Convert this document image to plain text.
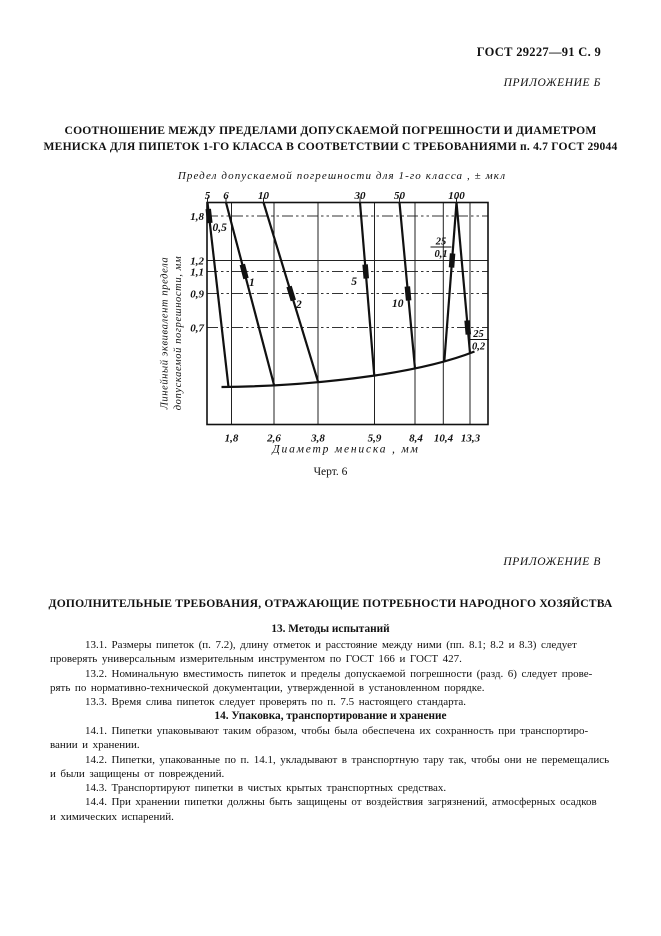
ГОСТ 29227—91 С. 9
ПРИЛОЖЕНИЕ Б
СООТНОШЕНИЕ МЕЖДУ ПРЕДЕЛАМИ ДОПУСКАЕМОЙ ПОГРЕШНОСТИ И ДИАМЕТРОМ
МЕНИСКА ДЛЯ ПИПЕТОК 1-ГО КЛАССА В СООТВЕТСТВИИ С ТРЕБОВАНИЯМИ п. 4.7 ГОСТ 29044
5 6	10	30	50	100
1,8	2,6	3,8	5,9	8,4 10,4 13,3
1,8
1,2
1,1
0,9
0,7
0,5
1
2
5
10
25
0,1
25
0,2
Предел допускаемой погрешности для 1-го класса , ± мкл
Диаметр мениска , мм
Линейный эквивалент предела допускаемой погрешности, мм
Черт. 6
ПРИЛОЖЕНИЕ В
ДОПОЛНИТЕЛЬНЫЕ ТРЕБОВАНИЯ, ОТРАЖАЮЩИЕ ПОТРЕБНОСТИ НАРОДНОГО ХОЗЯЙСТВА
13. Методы испытаний
13.1. Размеры пипеток (п. 7.2), длину отметок и расстояние между ними (пп. 8.1; 8.2 и 8.3) следует
проверять универсальным измерительным инструментом по ГОСТ 166 и ГОСТ 427.
13.2. Номинальную вместимость пипеток и пределы допускаемой погрешности (разд. 6) следует прове-
рять по нормативно-технической документации, утвержденной в установленном порядке.
13.3. Время слива пипеток следует проверять по п. 7.5 настоящего стандарта.
14. Упаковка, транспортирование и хранение
14.1. Пипетки упаковывают таким образом, чтобы была обеспечена их сохранность при транспортиро-
вании и хранении.
14.2. Пипетки, упакованные по п. 14.1, укладывают в транспортную тару так, чтобы они не перемещались
и были защищены от повреждений.
14.3. Транспортируют пипетки в чистых крытых транспортных средствах.
14.4. При хранении пипетки должны быть защищены от воздействия загрязнений, атмосферных осадков
и химических испарений.
